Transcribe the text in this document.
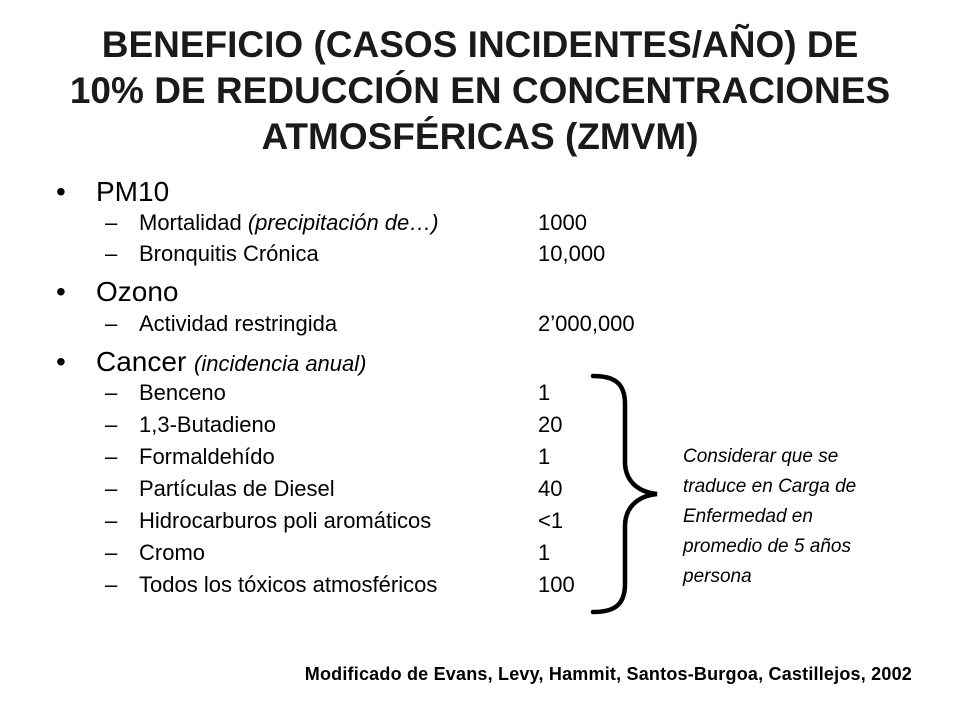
BENEFICIO (CASOS INCIDENTES/AÑO) DE
10% DE REDUCCIÓN EN CONCENTRACIONES
ATMOSFÉRICAS (ZMVM)
• PM10
– Mortalidad (precipitación de…)	1000
– Bronquitis Crónica	10,000
• Ozono
– Actividad restringida	2’000,000
• Cancer (incidencia anual)
– Benceno	1
– 1,3-Butadieno	20
– Formaldehído	1
– Partículas de Diesel	40
– Hidrocarburos poli aromáticos	<1
– Cromo	1
– Todos los tóxicos atmosféricos	100
Considerar que se
traduce en Carga de
Enfermedad en
promedio de 5 años
persona
Modificado de Evans, Levy, Hammit, Santos-Burgoa, Castillejos, 2002
